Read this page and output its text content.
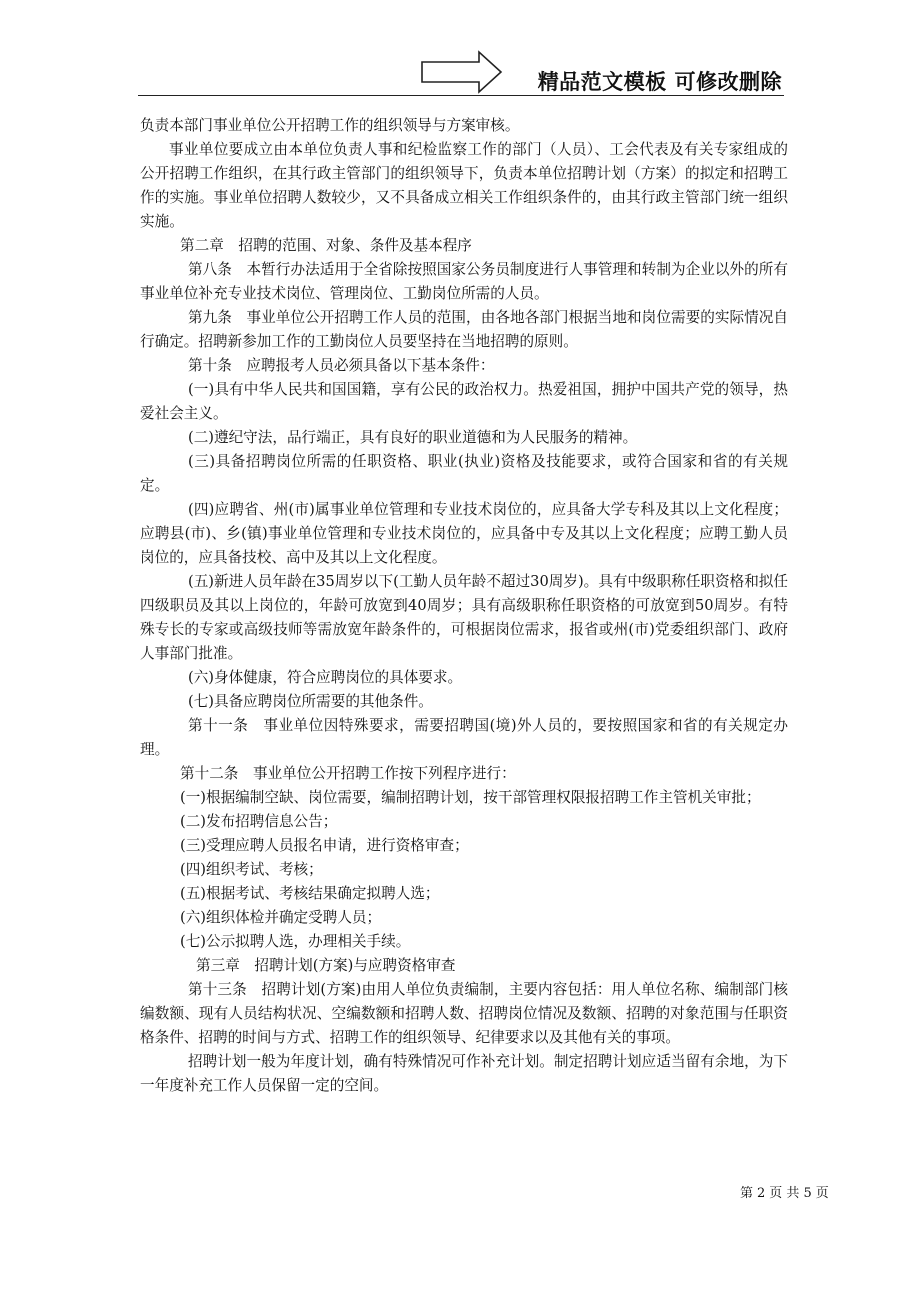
精品范文模板 可修改删除

负责本部门事业单位公开招聘工作的组织领导与方案审核。

事业单位要成立由本单位负责人事和纪检监察工作的部门（人员）、工会代表及有关专家组成的公开招聘工作组织，在其行政主管部门的组织领导下，负责本单位招聘计划（方案）的拟定和招聘工作的实施。事业单位招聘人数较少，又不具备成立相关工作组织条件的，由其行政主管部门统一组织实施。

第二章　招聘的范围、对象、条件及基本程序

第八条　本暂行办法适用于全省除按照国家公务员制度进行人事管理和转制为企业以外的所有事业单位补充专业技术岗位、管理岗位、工勤岗位所需的人员。

第九条　事业单位公开招聘工作人员的范围，由各地各部门根据当地和岗位需要的实际情况自行确定。招聘新参加工作的工勤岗位人员要坚持在当地招聘的原则。

第十条　应聘报考人员必须具备以下基本条件：

(一)具有中华人民共和国国籍，享有公民的政治权力。热爱祖国，拥护中国共产党的领导，热爱社会主义。

(二)遵纪守法，品行端正，具有良好的职业道德和为人民服务的精神。

(三)具备招聘岗位所需的任职资格、职业(执业)资格及技能要求，或符合国家和省的有关规定。

(四)应聘省、州(市)属事业单位管理和专业技术岗位的，应具备大学专科及其以上文化程度；应聘县(市)、乡(镇)事业单位管理和专业技术岗位的，应具备中专及其以上文化程度；应聘工勤人员岗位的，应具备技校、高中及其以上文化程度。

(五)新进人员年龄在35周岁以下(工勤人员年龄不超过30周岁)。具有中级职称任职资格和拟任四级职员及其以上岗位的，年龄可放宽到40周岁；具有高级职称任职资格的可放宽到50周岁。有特殊专长的专家或高级技师等需放宽年龄条件的，可根据岗位需求，报省或州(市)党委组织部门、政府人事部门批准。

(六)身体健康，符合应聘岗位的具体要求。

(七)具备应聘岗位所需要的其他条件。

第十一条　事业单位因特殊要求，需要招聘国(境)外人员的，要按照国家和省的有关规定办理。

第十二条　事业单位公开招聘工作按下列程序进行：

(一)根据编制空缺、岗位需要，编制招聘计划，按干部管理权限报招聘工作主管机关审批；

(二)发布招聘信息公告；

(三)受理应聘人员报名申请，进行资格审查；

(四)组织考试、考核；

(五)根据考试、考核结果确定拟聘人选；

(六)组织体检并确定受聘人员；

(七)公示拟聘人选，办理相关手续。

第三章　招聘计划(方案)与应聘资格审查

第十三条　招聘计划(方案)由用人单位负责编制，主要内容包括：用人单位名称、编制部门核编数额、现有人员结构状况、空编数额和招聘人数、招聘岗位情况及数额、招聘的对象范围与任职资格条件、招聘的时间与方式、招聘工作的组织领导、纪律要求以及其他有关的事项。

招聘计划一般为年度计划，确有特殊情况可作补充计划。制定招聘计划应适当留有余地，为下一年度补充工作人员保留一定的空间。

第 2 页 共 5 页
